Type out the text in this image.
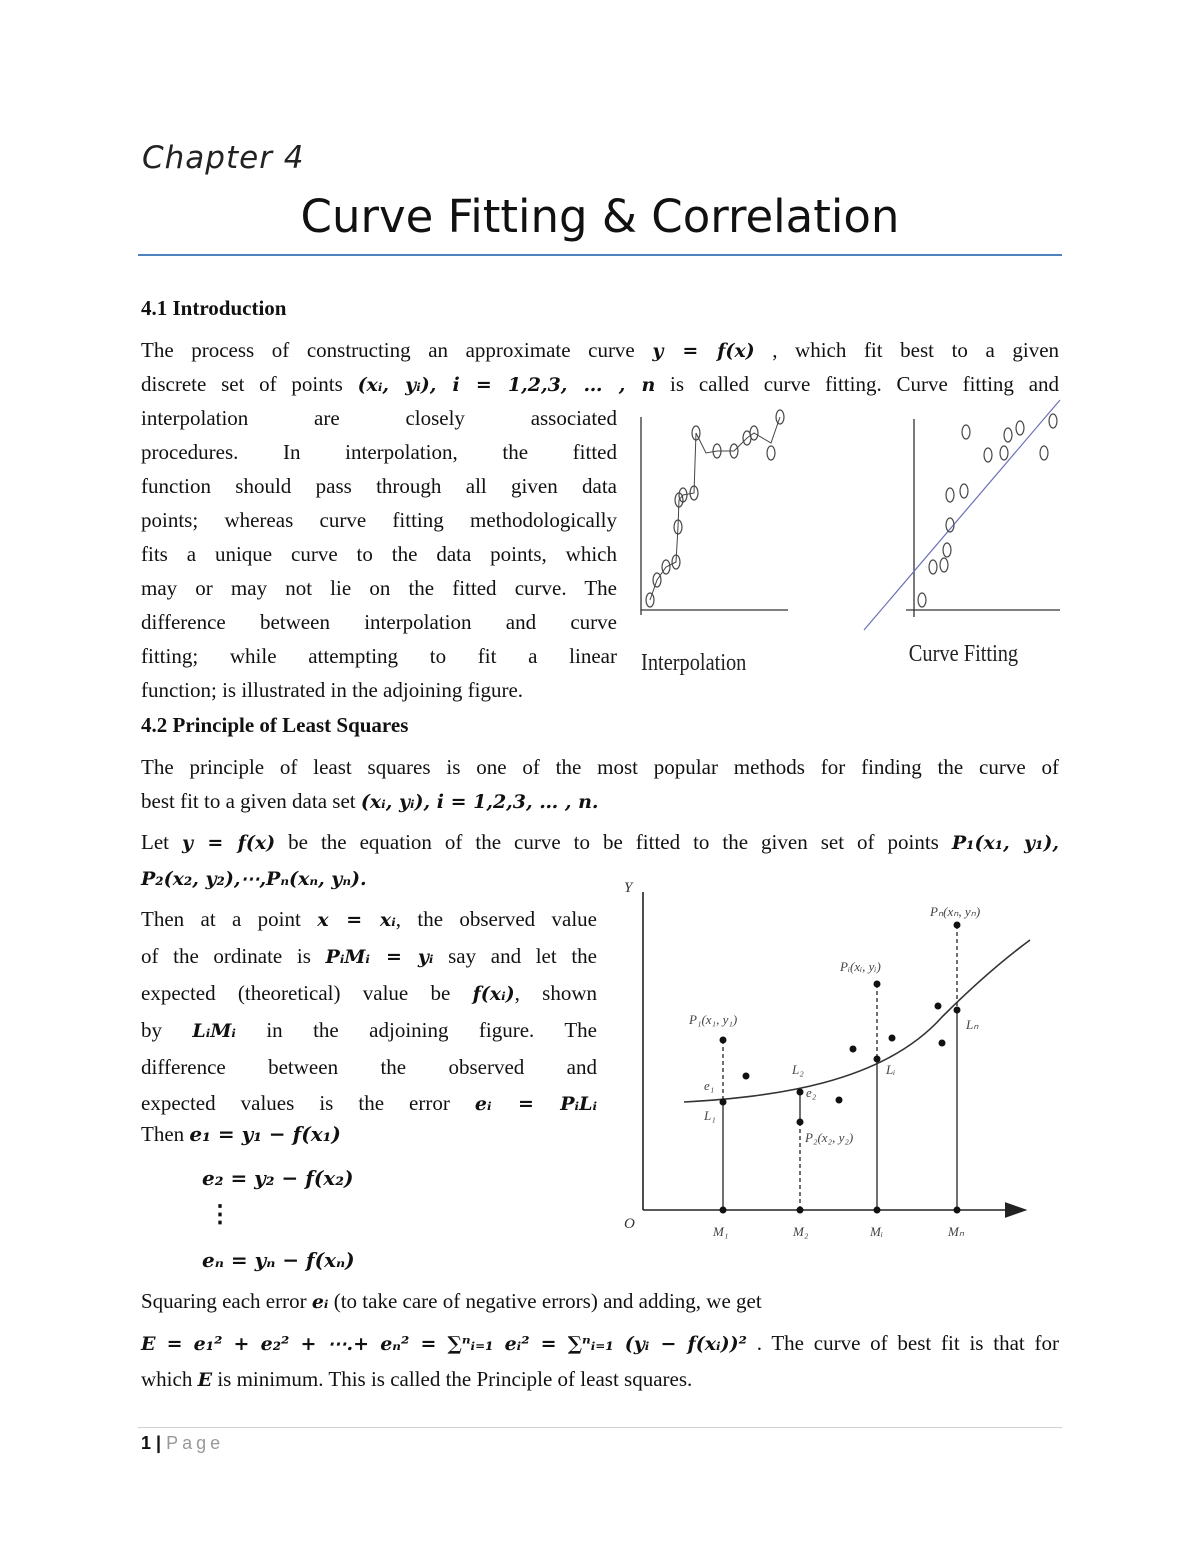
Chapter 4
Curve Fitting & Correlation
4.1 Introduction
The process of constructing an approximate curve y = f(x) , which fit best to a given
discrete set of points (xᵢ, yᵢ), i = 1,2,3, … , n is called curve fitting. Curve fitting and
interpolation are closely associated
procedures. In interpolation, the fitted
function should pass through all given data
points; whereas curve fitting methodologically
fits a unique curve to the data points, which
may or may not lie on the fitted curve. The
difference between interpolation and curve
fitting; while attempting to fit a linear
function; is illustrated in the adjoining figure.
Interpolation	Curve Fitting
4.2 Principle of Least Squares
The principle of least squares is one of the most popular methods for finding the curve of
best fit to a given data set (xᵢ, yᵢ), i = 1,2,3, … , n.
Let y = f(x) be the equation of the curve to be fitted to the given set of points P₁(x₁, y₁),
P₂(x₂, y₂),⋯,Pₙ(xₙ, yₙ).
Then at a point x = xᵢ, the observed value
of the ordinate is PᵢMᵢ = yᵢ say and let the
expected (theoretical) value be f(xᵢ), shown
by LᵢMᵢ in the adjoining figure. The
difference between the observed and
expected values is the error eᵢ = PᵢLᵢ
Then e₁ = y₁ − f(x₁)
e₂ = y₂ − f(x₂)
⋮
eₙ = yₙ − f(xₙ)
Squaring each error eᵢ (to take care of negative errors) and adding, we get
E = e₁² + e₂² + ⋯.+ eₙ² = ∑ⁿᵢ₌₁ eᵢ² = ∑ⁿᵢ₌₁ (yᵢ − f(xᵢ))² . The curve of best fit is that for
which E is minimum. This is called the Principle of least squares.
Y
O
P₁(x₁, y₁)
Pᵢ(xᵢ, yᵢ)
Pₙ(xₙ, yₙ)
P₂(x₂, y₂)
e₁
L₁
L₂
e₂
Lᵢ
Lₙ
M₁	M₂	Mᵢ	Mₙ
1 | Page
